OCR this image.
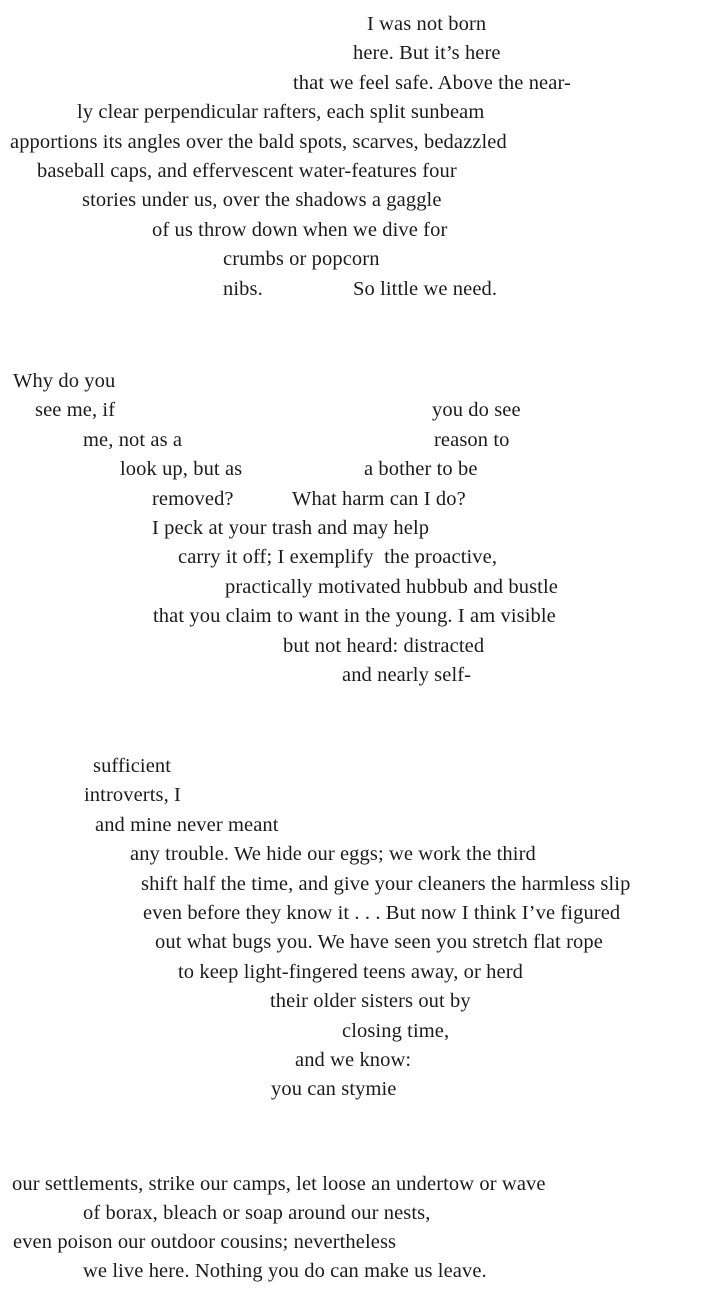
I was not born
here. But it’s here
that we feel safe. Above the near-
ly clear perpendicular rafters, each split sunbeam
apportions its angles over the bald spots, scarves, bedazzled
baseball caps, and effervescent water-features four
stories under us, over the shadows a gaggle
of us throw down when we dive for
crumbs or popcorn
nibs.	So little we need.
Why do you
see me, if	you do see
me, not as a	reason to
look up, but as	a bother to be
removed?	What harm can I do?
I peck at your trash and may help
carry it off; I exemplify  the proactive,
practically motivated hubbub and bustle
that you claim to want in the young. I am visible
but not heard: distracted
and nearly self-
sufficient
introverts, I
and mine never meant
any trouble. We hide our eggs; we work the third
shift half the time, and give your cleaners the harmless slip
even before they know it . . . But now I think I’ve figured
out what bugs you. We have seen you stretch flat rope
to keep light-fingered teens away, or herd
their older sisters out by
closing time,
and we know:
you can stymie
our settlements, strike our camps, let loose an undertow or wave
of borax, bleach or soap around our nests,
even poison our outdoor cousins; nevertheless
we live here. Nothing you do can make us leave.
